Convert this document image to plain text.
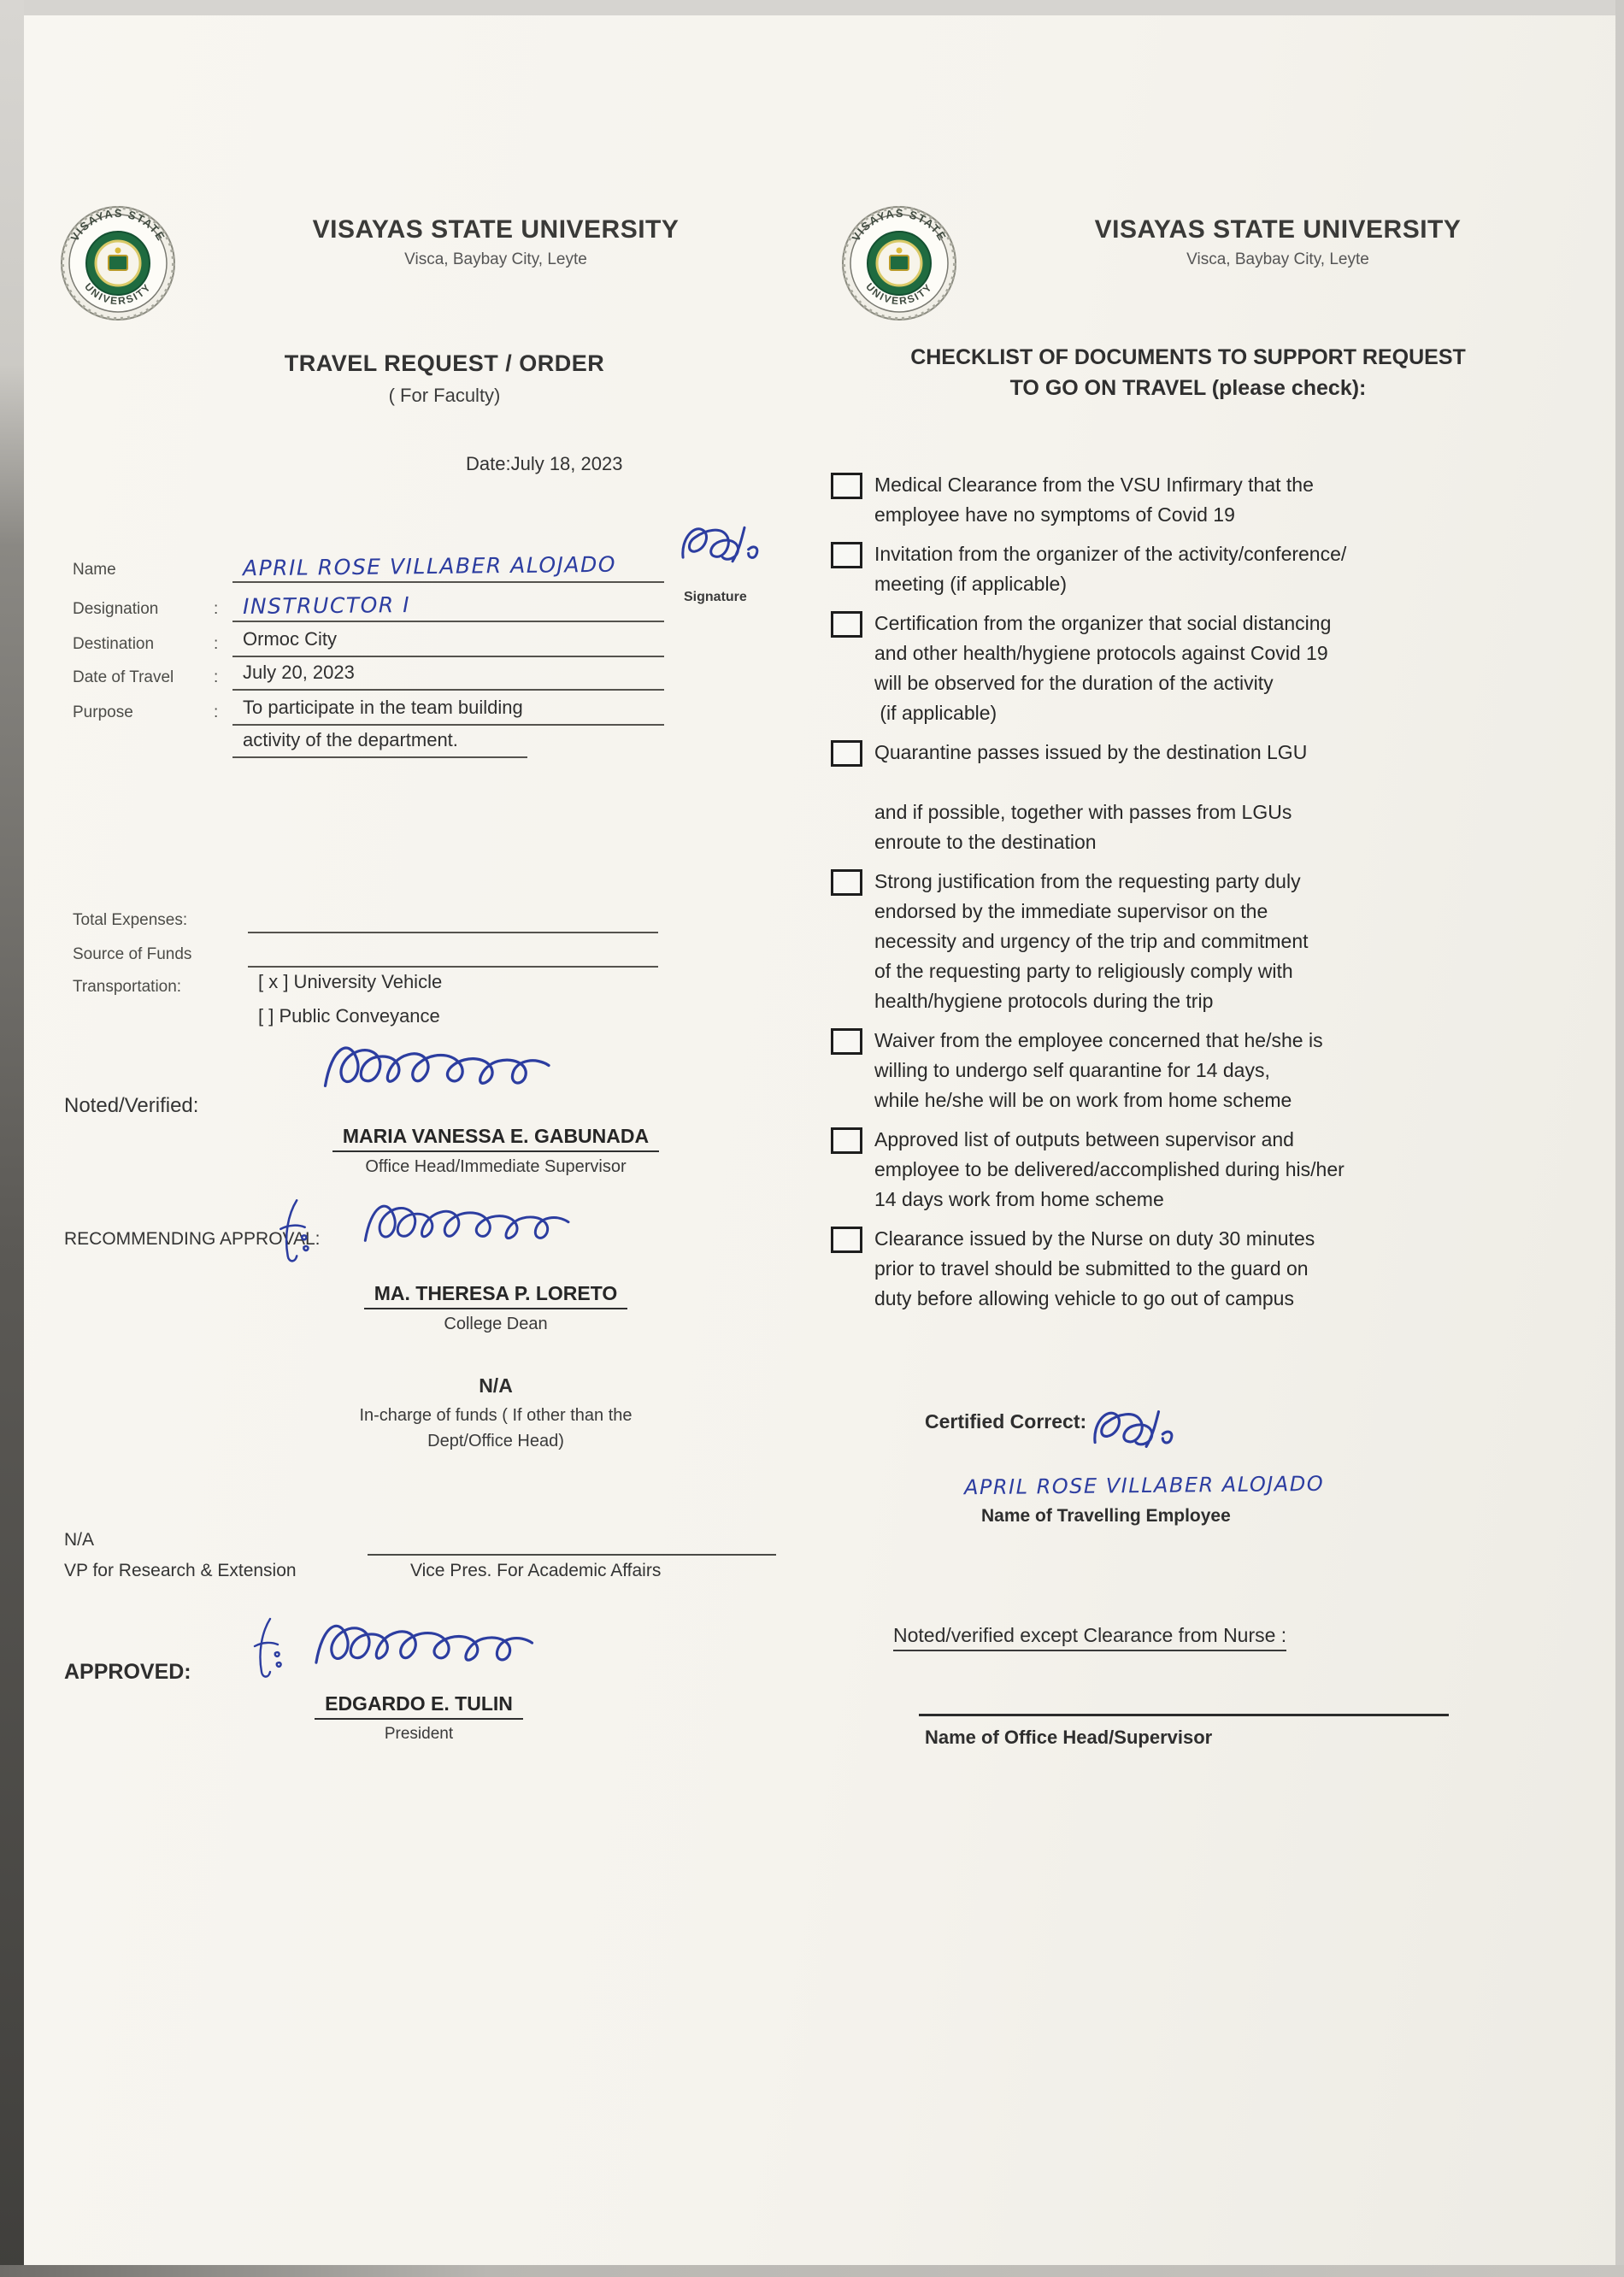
VISAYAS STATE UNIVERSITY
Visca, Baybay City, Leyte
TRAVEL REQUEST / ORDER
( For Faculty)
Date:July 18, 2023
Name	APRIL ROSE VILLABER ALOJADO
Signature
Designation	:	INSTRUCTOR I
Destination	:	Ormoc City
Date of Travel	:	July 20, 2023
Purpose	:	To participate in the team building
activity of the department.
Total Expenses:
Source of Funds
Transportation:	[ x ] University Vehicle
[ ] Public Conveyance
Noted/Verified:
MARIA VANESSA E. GABUNADA
Office Head/Immediate Supervisor
RECOMMENDING APPROVAL:
MA. THERESA P. LORETO
College Dean
N/A
In-charge of funds ( If other than the
Dept/Office Head)
N/A
VP for Research & Extension	Vice Pres. For Academic Affairs
APPROVED:
EDGARDO E. TULIN
President
VISAYAS STATE UNIVERSITY
Visca, Baybay City, Leyte
CHECKLIST OF DOCUMENTS TO SUPPORT REQUEST
TO GO ON TRAVEL (please check):
Medical Clearance from the VSU Infirmary that the
employee have no symptoms of Covid 19
Invitation from the organizer of the activity/conference/
meeting (if applicable)
Certification from the organizer that social distancing
and other health/hygiene protocols against Covid 19
will be observed for the duration of the activity
(if applicable)
Quarantine passes issued by the destination LGU
and if possible, together with passes from LGUs
enroute to the destination
Strong justification from the requesting party duly
endorsed by the immediate supervisor on the
necessity and urgency of the trip and commitment
of the requesting party to religiously comply with
health/hygiene protocols during the trip
Waiver from the employee concerned that he/she is
willing to undergo self quarantine for 14 days,
while he/she will be on work from home scheme
Approved list of outputs between supervisor and
employee to be delivered/accomplished during his/her
14 days work from home scheme
Clearance issued by the Nurse on duty 30 minutes
prior to travel should be submitted to the guard on
duty before allowing vehicle to go out of campus
Certified Correct:
APRIL ROSE VILLABER ALOJADO
Name of Travelling Employee
Noted/verified except Clearance from Nurse :
Name of Office Head/Supervisor
